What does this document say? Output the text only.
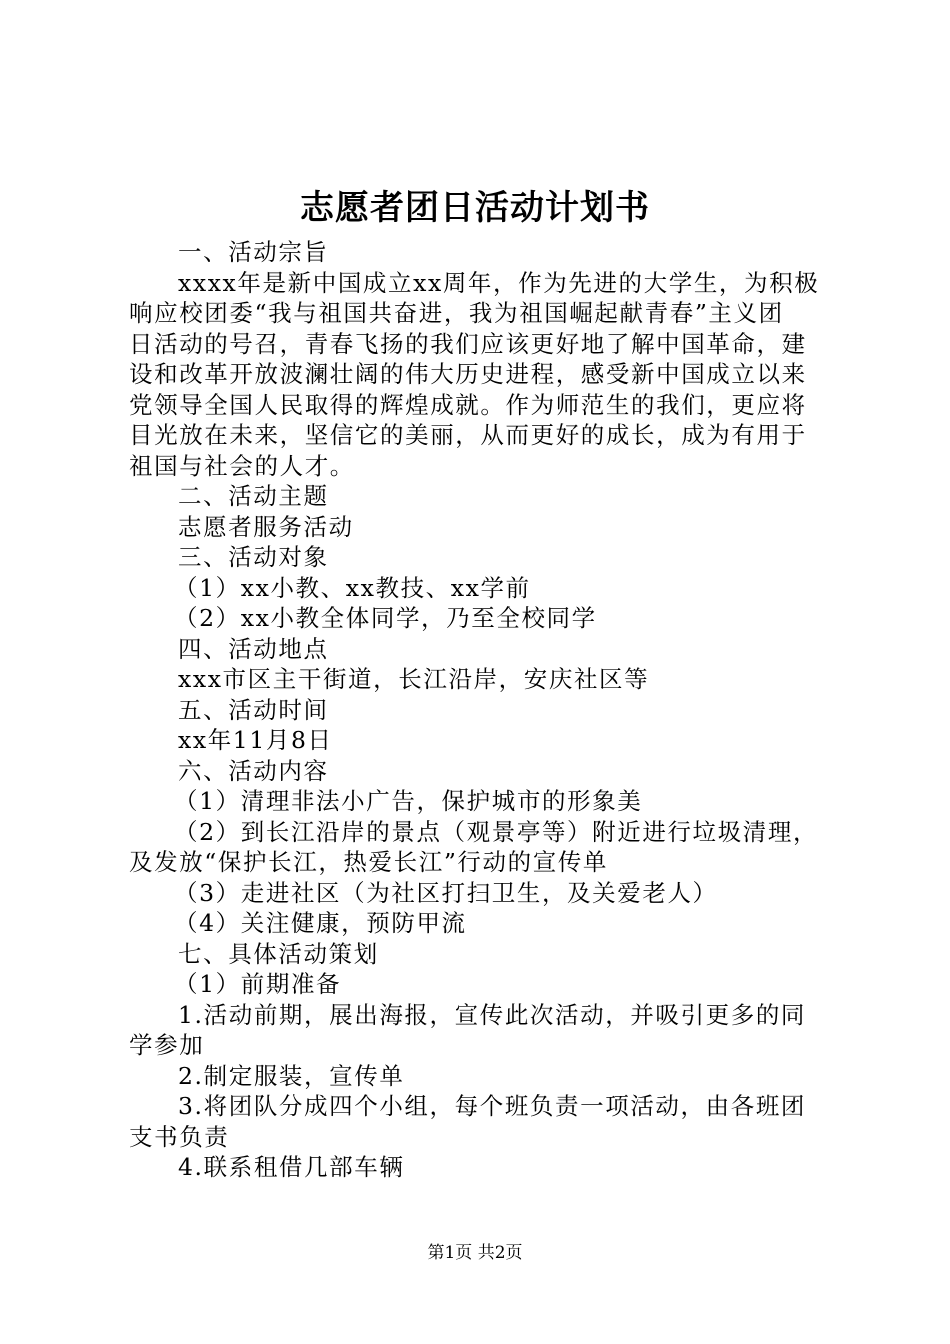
志愿者团日活动计划书
一、活动宗旨
xxxx年是新中国成立xx周年，作为先进的大学生，为积极
响应校团委“我与祖国共奋进，我为祖国崛起献青春”主义团
日活动的号召，青春飞扬的我们应该更好地了解中国革命，建
设和改革开放波澜壮阔的伟大历史进程，感受新中国成立以来
党领导全国人民取得的辉煌成就。作为师范生的我们，更应将
目光放在未来，坚信它的美丽，从而更好的成长，成为有用于
祖国与社会的人才。
二、活动主题
志愿者服务活动
三、活动对象
（1）xx小教、xx教技、xx学前
（2）xx小教全体同学，乃至全校同学
四、活动地点
xxx市区主干街道，长江沿岸，安庆社区等
五、活动时间
xx年11月8日
六、活动内容
（1）清理非法小广告，保护城市的形象美
（2）到长江沿岸的景点（观景亭等）附近进行垃圾清理，
及发放“保护长江，热爱长江”行动的宣传单
（3）走进社区（为社区打扫卫生，及关爱老人）
（4）关注健康，预防甲流
七、具体活动策划
（1）前期准备
1.活动前期，展出海报，宣传此次活动，并吸引更多的同
学参加
2.制定服装，宣传单
3.将团队分成四个小组，每个班负责一项活动，由各班团
支书负责
4.联系租借几部车辆
第1页 共2页
